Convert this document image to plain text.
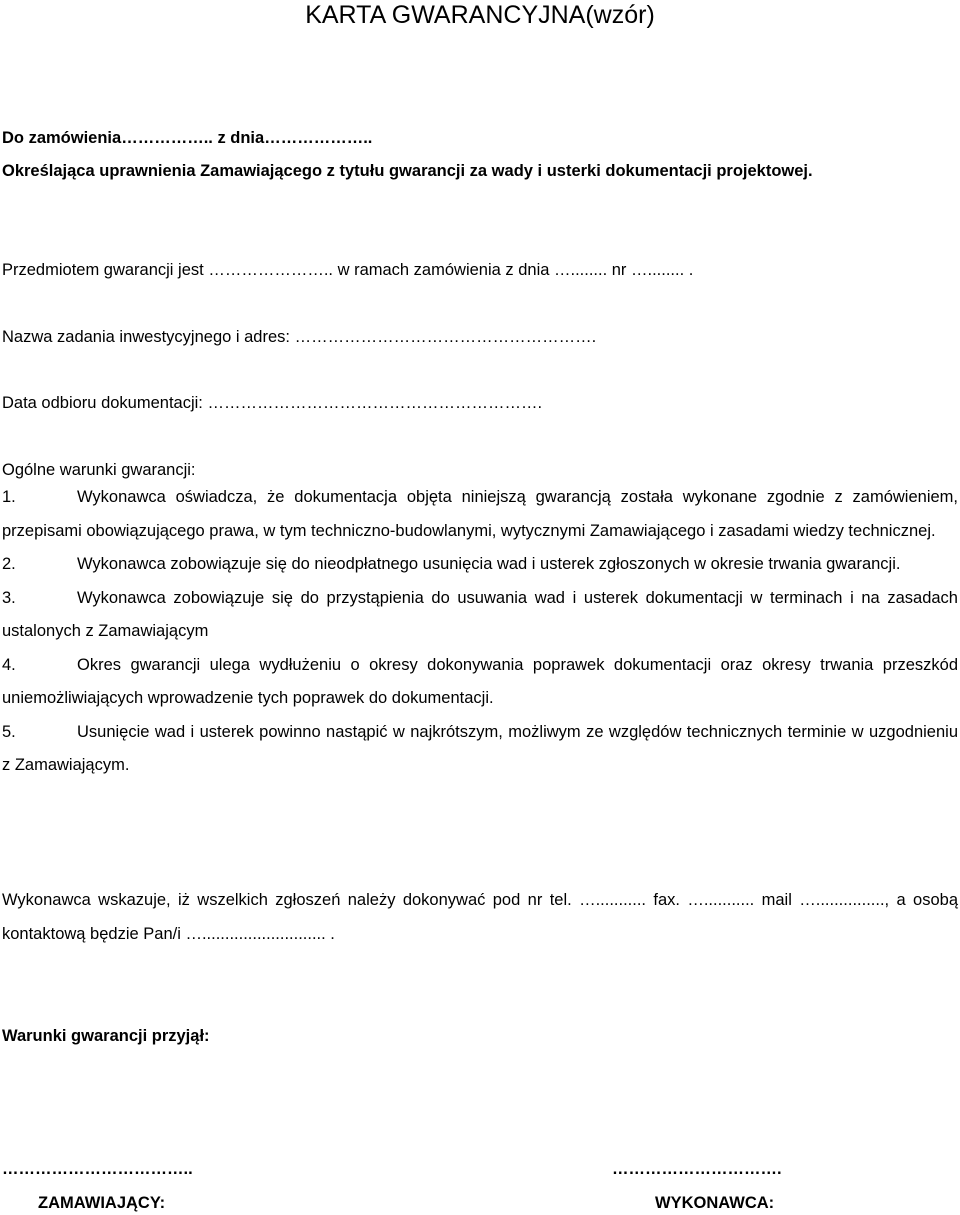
KARTA GWARANCYJNA(wzór)
Do zamówienia…………….. z dnia………………..
Określająca uprawnienia Zamawiającego z tytułu gwarancji za wady i usterki dokumentacji projektowej.
Przedmiotem gwarancji jest ………………….. w ramach zamówienia z dnia …........ nr …........ .
Nazwa zadania inwestycyjnego i adres: ……………………………………………….
Data odbioru dokumentacji: …………………………………………………….
Ogólne warunki gwarancji:
1.	Wykonawca oświadcza, że dokumentacja objęta niniejszą gwarancją została wykonane zgodnie z zamówieniem, przepisami obowiązującego prawa, w tym techniczno-budowlanymi, wytycznymi Zamawiającego i zasadami wiedzy technicznej.
2.	Wykonawca zobowiązuje się do nieodpłatnego usunięcia wad i usterek zgłoszonych w okresie trwania gwarancji.
3.	Wykonawca zobowiązuje się do przystąpienia do usuwania wad i usterek dokumentacji w terminach i na zasadach ustalonych z Zamawiającym
4.	Okres gwarancji ulega wydłużeniu o okresy dokonywania poprawek dokumentacji oraz okresy trwania przeszkód uniemożliwiających wprowadzenie tych poprawek do dokumentacji.
5.	Usunięcie wad i usterek powinno nastąpić w najkrótszym, możliwym ze względów technicznych terminie w uzgodnieniu z Zamawiającym.
Wykonawca wskazuje, iż wszelkich zgłoszeń należy dokonywać pod nr tel. …........... fax. …........... mail …..............., a osobą kontaktową będzie Pan/i …........................... .
Warunki gwarancji przyjął:
……………………………..
ZAMAWIAJĄCY:
………………………….
WYKONAWCA:
